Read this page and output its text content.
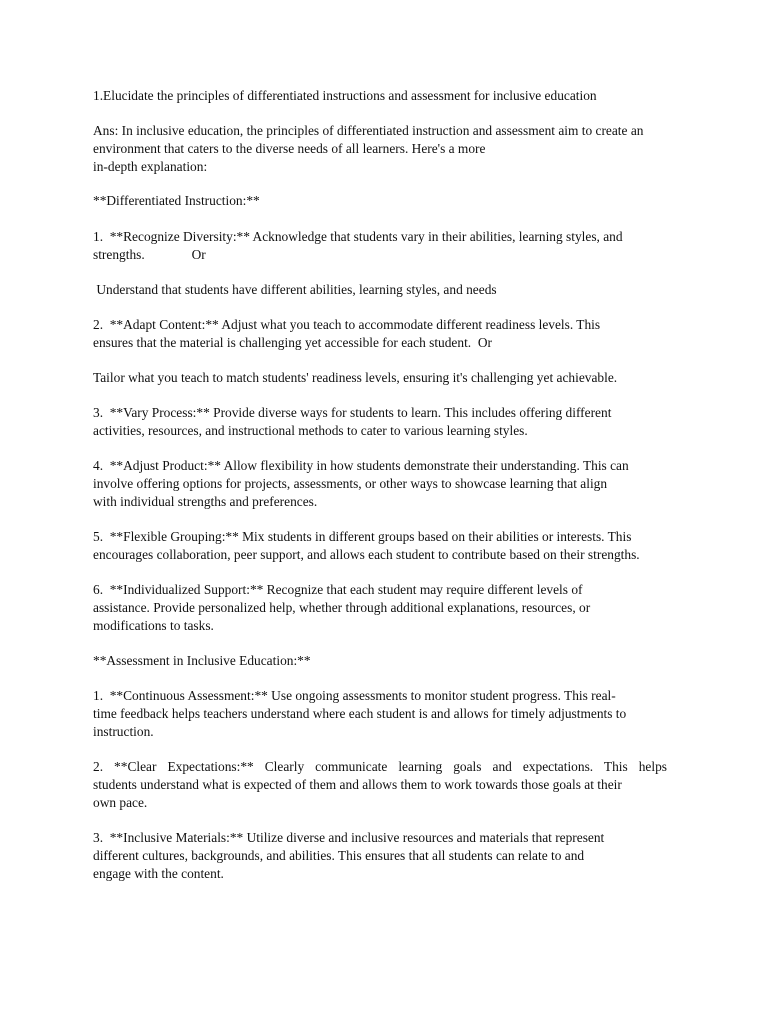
1.Elucidate the principles of differentiated instructions and assessment for inclusive education

Ans: In inclusive education, the principles of differentiated instruction and assessment aim to create an

environment that caters to the diverse needs of all learners. Here's a more

in-depth explanation:

**Differentiated Instruction:**

1.  **Recognize Diversity:** Acknowledge that students vary in their abilities, learning styles, and

strengths.              Or

Understand that students have different abilities, learning styles, and needs

2.  **Adapt Content:** Adjust what you teach to accommodate different readiness levels. This

ensures that the material is challenging yet accessible for each student.  Or

Tailor what you teach to match students' readiness levels, ensuring it's challenging yet achievable.

3.  **Vary Process:** Provide diverse ways for students to learn. This includes offering different

activities, resources, and instructional methods to cater to various learning styles.

4.  **Adjust Product:** Allow flexibility in how students demonstrate their understanding. This can

involve offering options for projects, assessments, or other ways to showcase learning that align

with individual strengths and preferences.

5.  **Flexible Grouping:** Mix students in different groups based on their abilities or interests. This

encourages collaboration, peer support, and allows each student to contribute based on their strengths.

6.  **Individualized Support:** Recognize that each student may require different levels of

assistance. Provide personalized help, whether through additional explanations, resources, or

modifications to tasks.

**Assessment in Inclusive Education:**

1.  **Continuous Assessment:** Use ongoing assessments to monitor student progress. This real-

time feedback helps teachers understand where each student is and allows for timely adjustments to

instruction.

2. **Clear Expectations:** Clearly communicate learning goals and expectations. This helps

students understand what is expected of them and allows them to work towards those goals at their

own pace.

3.  **Inclusive Materials:** Utilize diverse and inclusive resources and materials that represent

different cultures, backgrounds, and abilities. This ensures that all students can relate to and

engage with the content.
